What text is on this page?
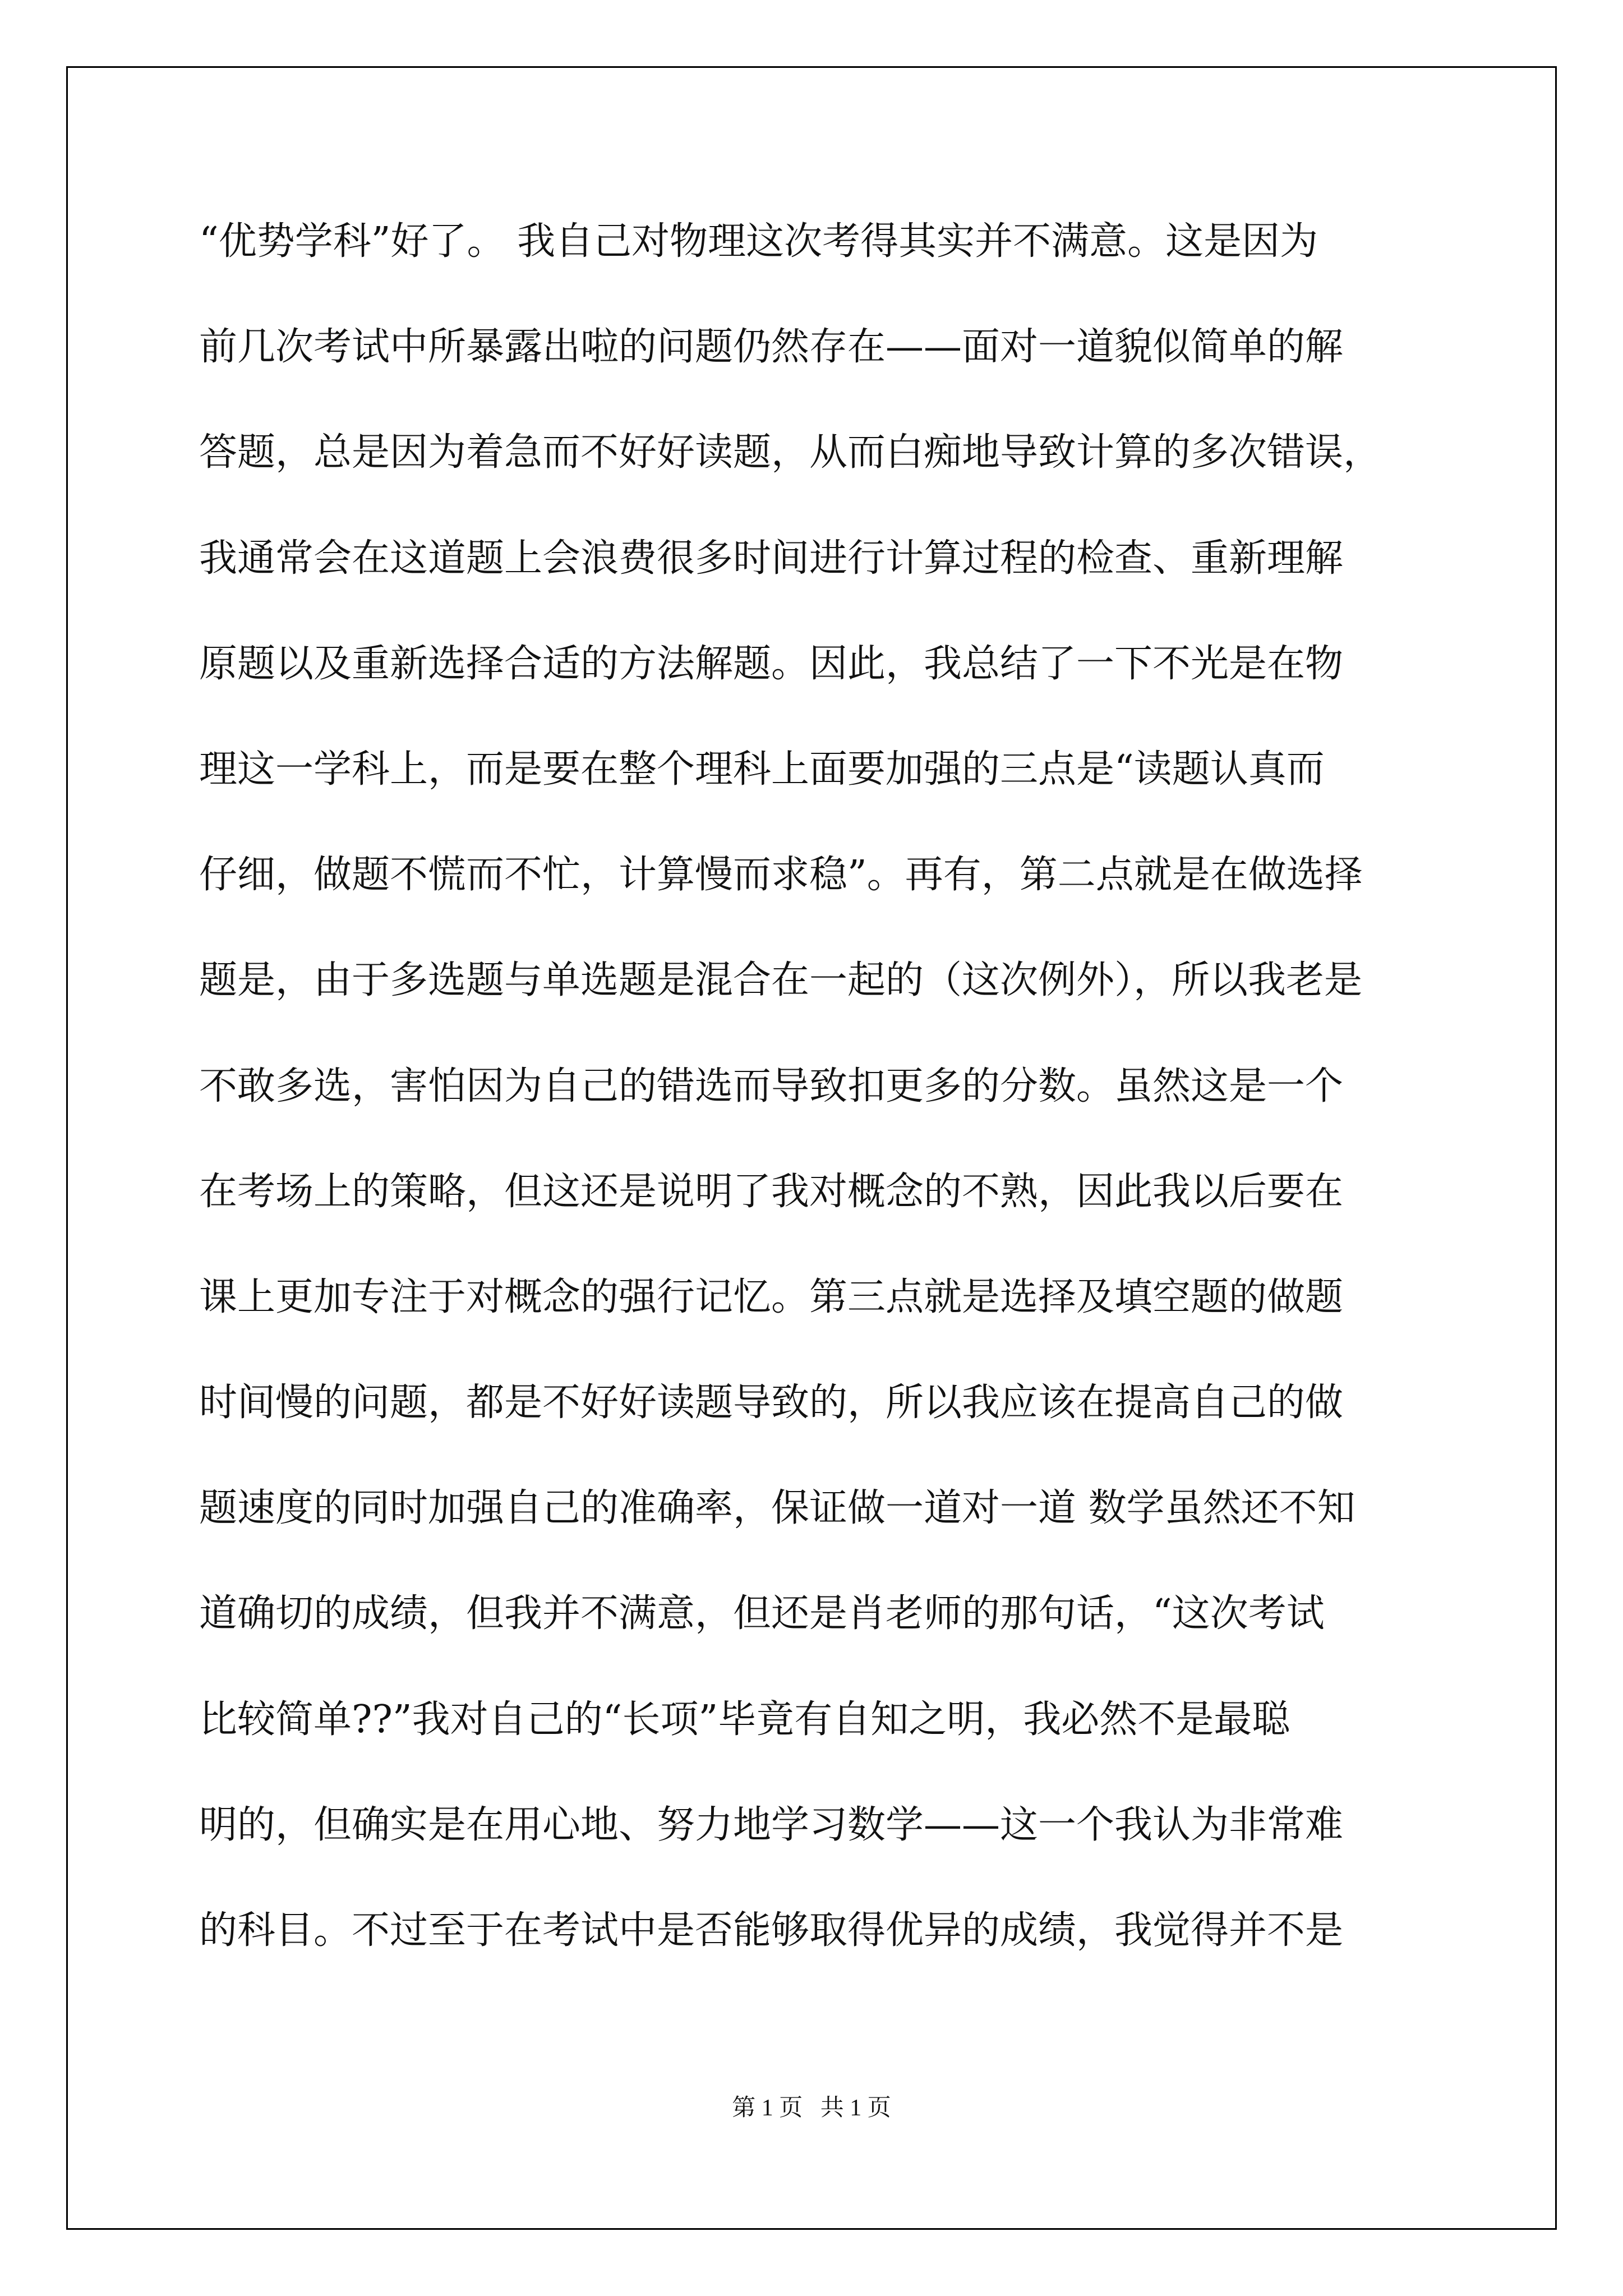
“优势学科”好了。 我自己对物理这次考得其实并不满意。这是因为
前几次考试中所暴露出啦的问题仍然存在——面对一道貌似简单的解
答题，总是因为着急而不好好读题，从而白痴地导致计算的多次错误，
我通常会在这道题上会浪费很多时间进行计算过程的检查、重新理解
原题以及重新选择合适的方法解题。因此，我总结了一下不光是在物
理这一学科上，而是要在整个理科上面要加强的三点是“读题认真而
仔细，做题不慌而不忙，计算慢而求稳”。再有，第二点就是在做选择
题是，由于多选题与单选题是混合在一起的（这次例外），所以我老是
不敢多选，害怕因为自己的错选而导致扣更多的分数。虽然这是一个
在考场上的策略，但这还是说明了我对概念的不熟，因此我以后要在
课上更加专注于对概念的强行记忆。第三点就是选择及填空题的做题
时间慢的问题，都是不好好读题导致的，所以我应该在提高自己的做
题速度的同时加强自己的准确率，保证做一道对一道 数学虽然还不知
道确切的成绩，但我并不满意，但还是肖老师的那句话，“这次考试
比较简单??”我对自己的“长项”毕竟有自知之明，我必然不是最聪
明的，但确实是在用心地、努力地学习数学——这一个我认为非常难
的科目。不过至于在考试中是否能够取得优异的成绩，我觉得并不是
第 1 页   共 1 页
